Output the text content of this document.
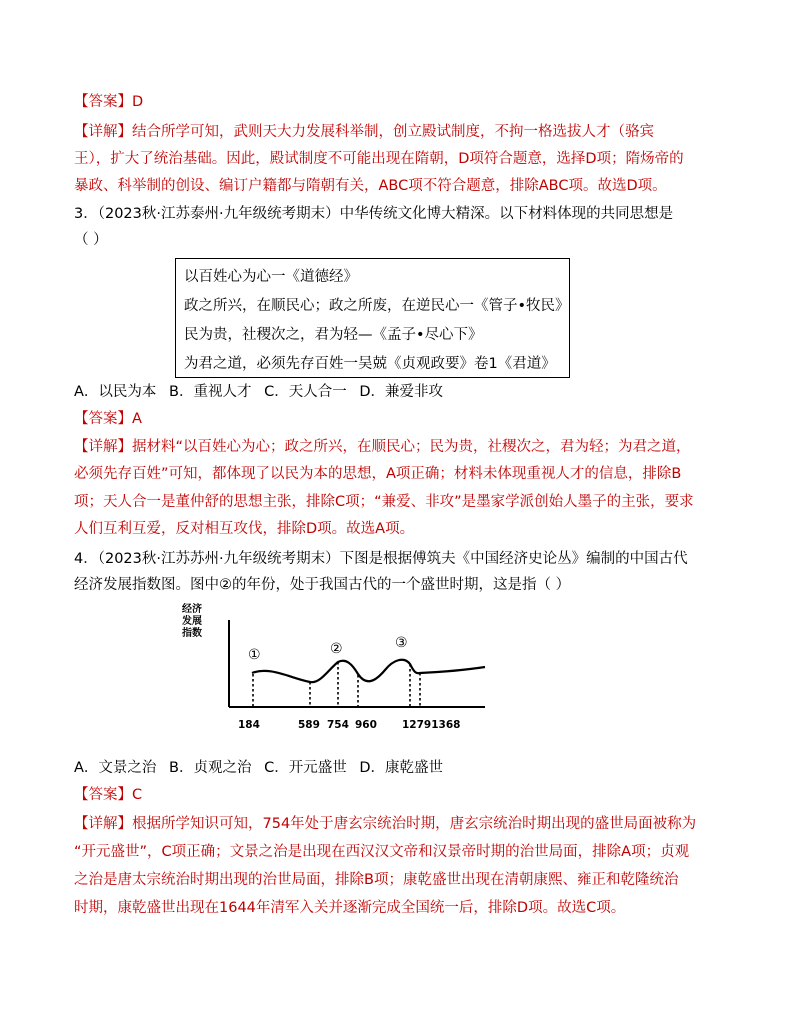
【答案】D
【详解】结合所学可知，武则天大力发展科举制，创立殿试制度，不拘一格选拔人才（骆宾
王），扩大了统治基础。因此，殿试制度不可能出现在隋朝，D项符合题意，选择D项；隋炀帝的
暴政、科举制的创设、编订户籍都与隋朝有关，ABC项不符合题意，排除ABC项。故选D项。
3．（2023秋·江苏泰州·九年级统考期末）中华传统文化博大精深。以下材料体现的共同思想是
（ ）
以百姓心为心一《道德经》
政之所兴，在顺民心；政之所废，在逆民心一《管子•牧民》
民为贵，社稷次之，君为轻—《孟子•尽心下》
为君之道，必须先存百姓一吴兢《贞观政要》卷1《君道》
A．以民为本 B．重视人才 C．天人合一 D．兼爱非攻
【答案】A
【详解】据材料“以百姓心为心；政之所兴，在顺民心；民为贵，社稷次之，君为轻；为君之道，
必须先存百姓”可知，都体现了以民为本的思想，A项正确；材料未体现重视人才的信息，排除B
项；天人合一是董仲舒的思想主张，排除C项；“兼爱、非攻”是墨家学派创始人墨子的主张，要求
人们互利互爱，反对相互攻伐，排除D项。故选A项。
4．（2023秋·江苏苏州·九年级统考期末）下图是根据傅筑夫《中国经济史论丛》编制的中国古代
经济发展指数图。图中②的年份，处于我国古代的一个盛世时期，这是指（ ）
经济
发展
指数
①	②	③
184	589 754 960 12791368
A．文景之治 B．贞观之治 C．开元盛世 D．康乾盛世
【答案】C
【详解】根据所学知识可知，754年处于唐玄宗统治时期，唐玄宗统治时期出现的盛世局面被称为
“开元盛世”，C项正确；文景之治是出现在西汉汉文帝和汉景帝时期的治世局面，排除A项；贞观
之治是唐太宗统治时期出现的治世局面，排除B项；康乾盛世出现在清朝康熙、雍正和乾隆统治
时期，康乾盛世出现在1644年清军入关并逐渐完成全国统一后，排除D项。故选C项。
